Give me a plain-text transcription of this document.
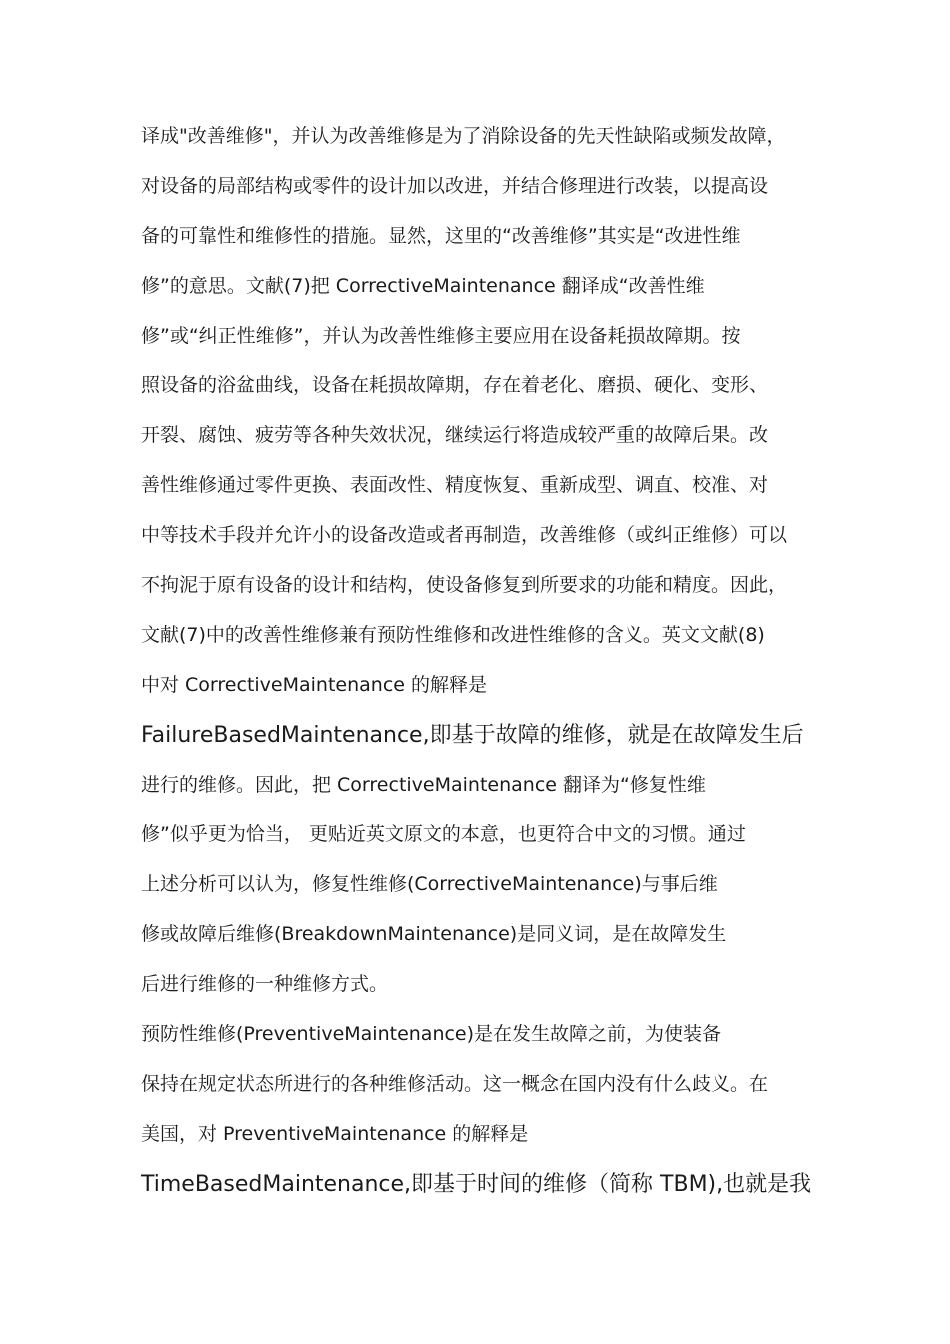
译成"改善维修"，并认为改善维修是为了消除设备的先天性缺陷或频发故障，
对设备的局部结构或零件的设计加以改进，并结合修理进行改装，以提高设
备的可靠性和维修性的措施。显然，这里的“改善维修”其实是“改进性维
修”的意思。文献(7)把 CorrectiveMaintenance 翻译成“改善性维
修”或“纠正性维修”，并认为改善性维修主要应用在设备耗损故障期。按
照设备的浴盆曲线，设备在耗损故障期，存在着老化、磨损、硬化、变形、
开裂、腐蚀、疲劳等各种失效状况，继续运行将造成较严重的故障后果。改
善性维修通过零件更换、表面改性、精度恢复、重新成型、调直、校准、对
中等技术手段并允许小的设备改造或者再制造，改善维修（或纠正维修）可以
不拘泥于原有设备的设计和结构，使设备修复到所要求的功能和精度。因此，
文献(7)中的改善性维修兼有预防性维修和改进性维修的含义。英文文献(8)
中对 CorrectiveMaintenance 的解释是
FailureBasedMaintenance,即基于故障的维修，就是在故障发生后
进行的维修。因此，把 CorrectiveMaintenance 翻译为“修复性维
修”似乎更为恰当， 更贴近英文原文的本意，也更符合中文的习惯。通过
上述分析可以认为，修复性维修(CorrectiveMaintenance)与事后维
修或故障后维修(BreakdownMaintenance)是同义词，是在故障发生
后进行维修的一种维修方式。
预防性维修(PreventiveMaintenance)是在发生故障之前，为使装备
保持在规定状态所进行的各种维修活动。这一概念在国内没有什么歧义。在
美国，对 PreventiveMaintenance 的解释是
TimeBasedMaintenance,即基于时间的维修（简称 TBM),也就是我
